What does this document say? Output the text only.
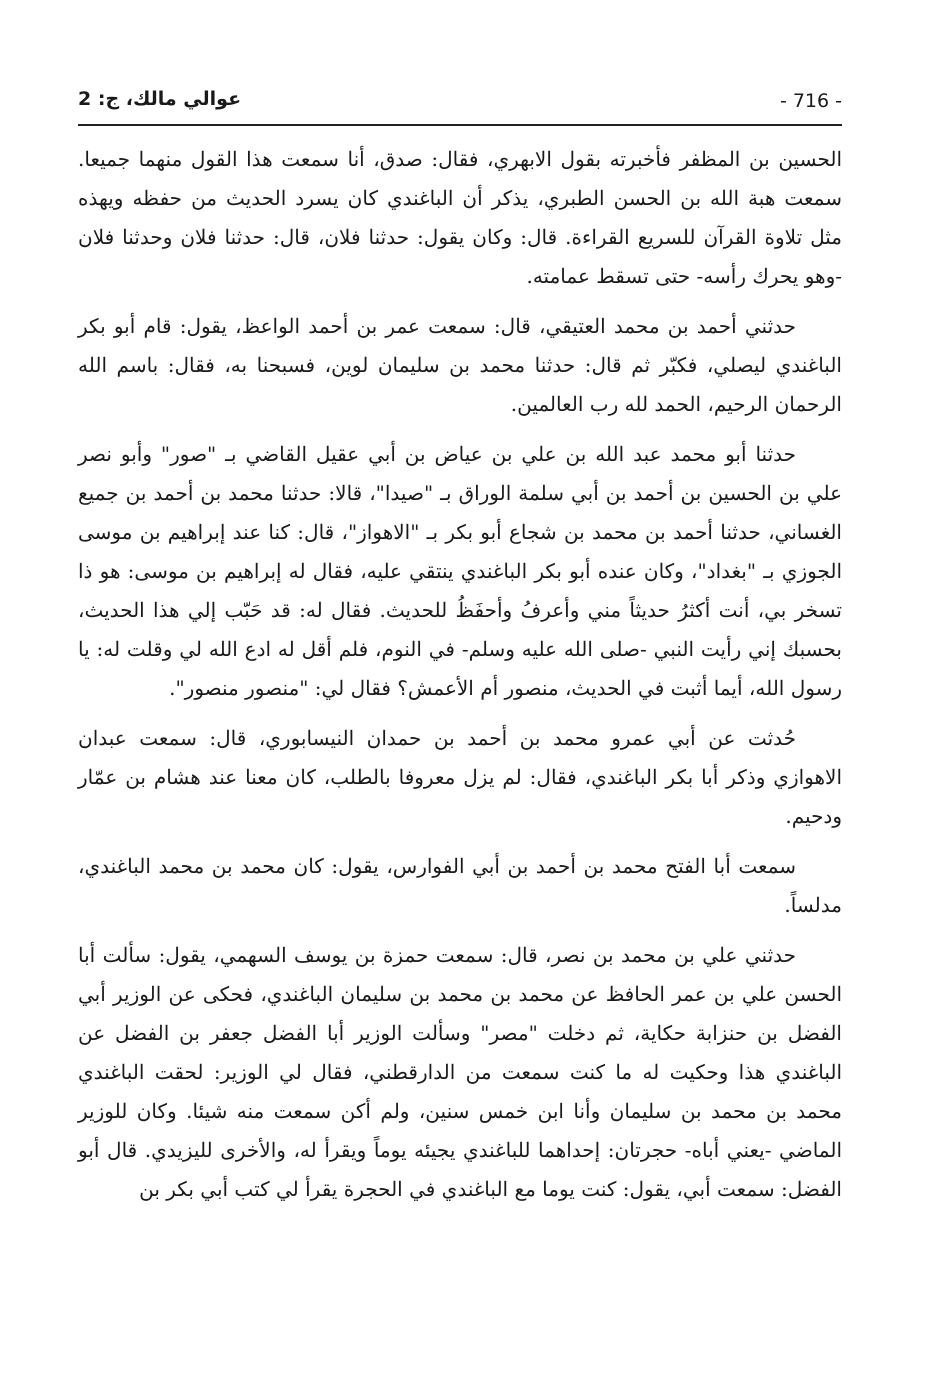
- 716 -
عوالي مالك، ج: 2

الحسين بن المظفر فأخبرته بقول الابهري، فقال: صدق، أنا سمعت هذا القول منهما جميعا. سمعت هبة الله بن الحسن الطبري، يذكر أن الباغندي كان يسرد الحديث من حفظه ويهذه مثل تلاوة القرآن للسريع القراءة. قال: وكان يقول: حدثنا فلان، قال: حدثنا فلان وحدثنا فلان -وهو يحرك رأسه- حتى تسقط عمامته.

حدثني أحمد بن محمد العتيقي، قال: سمعت عمر بن أحمد الواعظ، يقول: قام أبو بكر الباغندي ليصلي، فكبّر ثم قال: حدثنا محمد بن سليمان لوين، فسبحنا به، فقال: باسم الله الرحمان الرحيم، الحمد لله رب العالمين.

حدثنا أبو محمد عبد الله بن علي بن عياض بن أبي عقيل القاضي بـ "صور" وأبو نصر علي بن الحسين بن أحمد بن أبي سلمة الوراق بـ "صيدا"، قالا: حدثنا محمد بن أحمد بن جميع الغساني، حدثنا أحمد بن محمد بن شجاع أبو بكر بـ "الاهواز"، قال: كنا عند إبراهيم بن موسى الجوزي بـ "بغداد"، وكان عنده أبو بكر الباغندي ينتقي عليه، فقال له إبراهيم بن موسى: هو ذا تسخر بي، أنت أكثرُ حديثاً مني وأعرفُ وأحفَظُ للحديث. فقال له: قد حَبّب إلي هذا الحديث، بحسبك إني رأيت النبي -صلى الله عليه وسلم- في النوم، فلم أقل له ادع الله لي وقلت له: يا رسول الله، أيما أثبت في الحديث، منصور أم الأعمش؟ فقال لي: "منصور منصور".

حُدثت عن أبي عمرو محمد بن أحمد بن حمدان النيسابوري، قال: سمعت عبدان الاهوازي وذكر أبا بكر الباغندي، فقال: لم يزل معروفا بالطلب، كان معنا عند هشام بن عمّار ودحيم.

سمعت أبا الفتح محمد بن أحمد بن أبي الفوارس، يقول: كان محمد بن محمد الباغندي، مدلساً.

حدثني علي بن محمد بن نصر، قال: سمعت حمزة بن يوسف السهمي، يقول: سألت أبا الحسن علي بن عمر الحافظ عن محمد بن محمد بن سليمان الباغندي، فحكى عن الوزير أبي الفضل بن حنزابة حكاية، ثم دخلت "مصر" وسألت الوزير أبا الفضل جعفر بن الفضل عن الباغندي هذا وحكيت له ما كنت سمعت من الدارقطني، فقال لي الوزير: لحقت الباغندي محمد بن محمد بن سليمان وأنا ابن خمس سنين، ولم أكن سمعت منه شيئا. وكان للوزير الماضي -يعني أباه- حجرتان: إحداهما للباغندي يجيئه يوماً ويقرأ له، والأخرى لليزيدي. قال أبو الفضل: سمعت أبي، يقول: كنت يوما مع الباغندي في الحجرة يقرأ لي كتب أبي بكر بن
